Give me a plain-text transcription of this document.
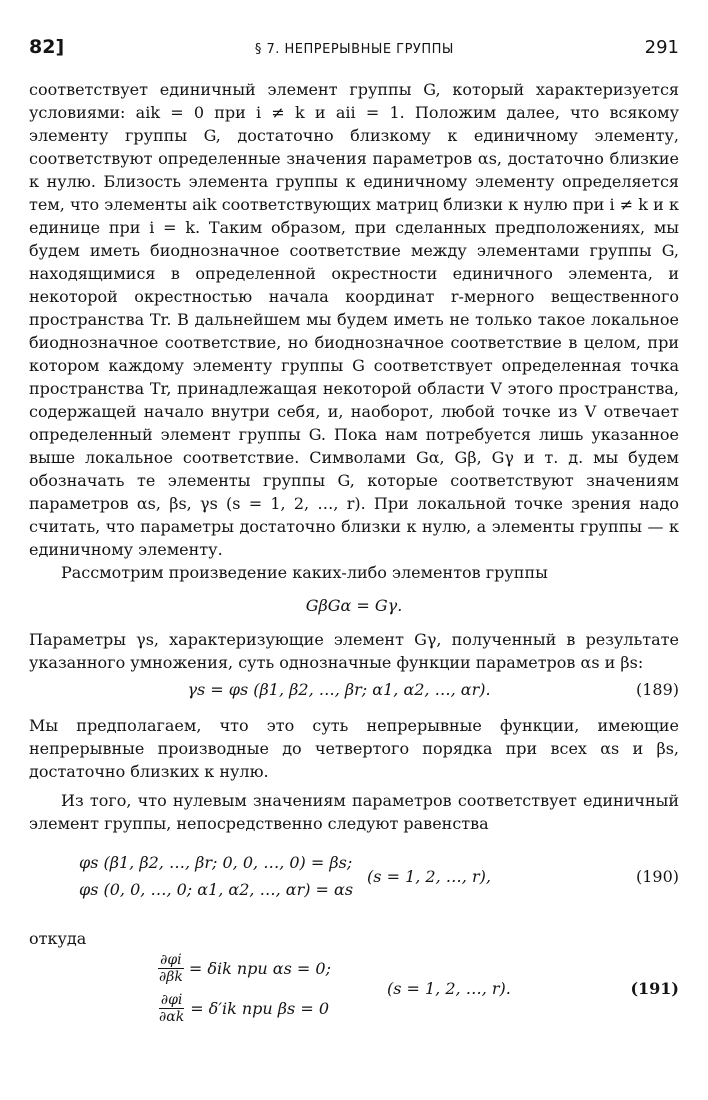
82]	§ 7. НЕПРЕРЫВНЫЕ ГРУППЫ	291

соответствует единичный элемент группы G, который характеризуется условиями: aik = 0 при i ≠ k и aii = 1. Положим далее, что всякому элементу группы G, достаточно близкому к единичному элементу, соответствуют определенные значения параметров αs, достаточно близкие к нулю. Близость элемента группы к единичному элементу определяется тем, что элементы aik соответствующих матриц близки к нулю при i ≠ k и к единице при i = k. Таким образом, при сделанных предположениях, мы будем иметь биоднозначное соответствие между элементами группы G, находящимися в определенной окрестности единичного элемента, и некоторой окрестностью начала координат r-мерного вещественного пространства Tr. В дальнейшем мы будем иметь не только такое локальное биоднозначное соответствие, но биоднозначное соответствие в целом, при котором каждому элементу группы G соответствует определенная точка пространства Tr, принадлежащая некоторой области V этого пространства, содержащей начало внутри себя, и, наоборот, любой точке из V отвечает определенный элемент группы G. Пока нам потребуется лишь указанное выше локальное соответствие. Символами Gα, Gβ, Gγ и т. д. мы будем обозначать те элементы группы G, которые соответствуют значениям параметров αs, βs, γs (s = 1, 2, …, r). При локальной точке зрения надо считать, что параметры достаточно близки к нулю, а элементы группы — к единичному элементу.

Рассмотрим произведение каких-либо элементов группы

GβGα = Gγ.

Параметры γs, характеризующие элемент Gγ, полученный в результате указанного умножения, суть однозначные функции параметров αs и βs:

γs = φs (β1, β2, …, βr; α1, α2, …, αr).	(189)

Мы предполагаем, что это суть непрерывные функции, имеющие непрерывные производные до четвертого порядка при всех αs и βs, достаточно близких к нулю.

Из того, что нулевым значениям параметров соответствует единичный элемент группы, непосредственно следуют равенства

φs (β1, β2, …, βr; 0, 0, …, 0) = βs;
φs (0, 0, …, 0; α1, α2, …, αr) = αs
(s = 1, 2, …, r),	(190)
откуда
$\frac{\partial\varphi i}{\partial\beta k} = \delta ik$ при αs = 0;
$\frac{\partial\varphi i}{\partial\alpha k} = \delta'ik$ при βs = 0
(s = 1, 2, …, r).	(191)
